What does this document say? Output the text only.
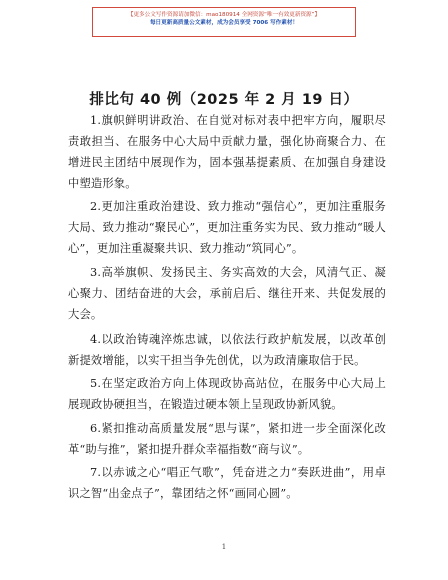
【更多公文写作资源请加微信：mao180914 全网资源“唯一有效更新资源”】
每日更新高质量公文素材，成为会员享受 7006 写作素材！
排比句 40 例（2025 年 2 月 19 日）

1.旗帜鲜明讲政治、在自觉对标对表中把牢方向，履职尽责敢担当、在服务中心大局中贡献力量，强化协商聚合力、在增进民主团结中展现作为，固本强基提素质、在加强自身建设中塑造形象。

2.更加注重政治建设、致力推动“强信心”，更加注重服务大局、致力推动“聚民心”，更加注重务实为民、致力推动“暖人心”，更加注重凝聚共识、致力推动“筑同心”。

3.高举旗帜、发扬民主、务实高效的大会，风清气正、凝心聚力、团结奋进的大会，承前启后、继往开来、共促发展的大会。

4.以政治铸魂淬炼忠诚，以依法行政护航发展，以改革创新提效增能，以实干担当争先创优，以为政清廉取信于民。

5.在坚定政治方向上体现政协高站位，在服务中心大局上展现政协硬担当，在锻造过硬本领上呈现政协新风貌。

6.紧扣推动高质量发展“思与谋”，紧扣进一步全面深化改革“助与推”，紧扣提升群众幸福指数“商与议”。

7.以赤诚之心“唱正气歌”，凭奋进之力“奏跃进曲”，用卓识之智“出金点子”，靠团结之怀“画同心圆”。

1
